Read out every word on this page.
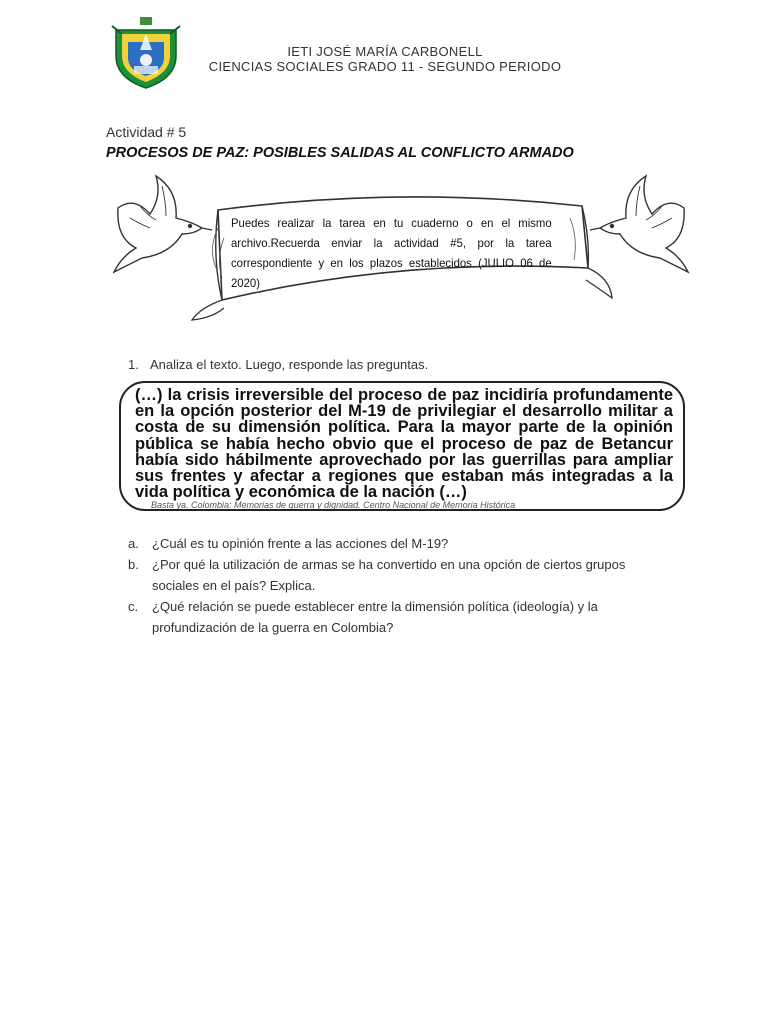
IETI JOSÉ MARÍA CARBONELL
CIENCIAS SOCIALES GRADO 11 - SEGUNDO PERIODO
Actividad # 5
PROCESOS DE PAZ: POSIBLES SALIDAS AL CONFLICTO ARMADO
Puedes realizar la tarea en tu cuaderno o en el mismo archivo.Recuerda enviar la actividad #5, por la tarea correspondiente y en los plazos establecidos (JULIO 06 de 2020)
1. Analiza el texto. Luego, responde las preguntas.
(…) la crisis irreversible del proceso de paz incidiría profundamente en la opción posterior del M-19 de privilegiar el desarrollo militar a costa de su dimensión política. Para la mayor parte de la opinión pública se había hecho obvio que el proceso de paz de Betancur había sido hábilmente aprovechado por las guerrillas para ampliar sus frentes y afectar a regiones que estaban más integradas a la vida política y económica de la nación (…)
Basta ya. Colombia: Memorias de guerra y dignidad. Centro Nacional de Memoria Histórica
a. ¿Cuál es tu opinión frente a las acciones del M-19?
b. ¿Por qué la utilización de armas se ha convertido en una opción de ciertos grupos sociales en el país? Explica.
c. ¿Qué relación se puede establecer entre la dimensión política (ideología) y la profundización de la guerra en Colombia?
